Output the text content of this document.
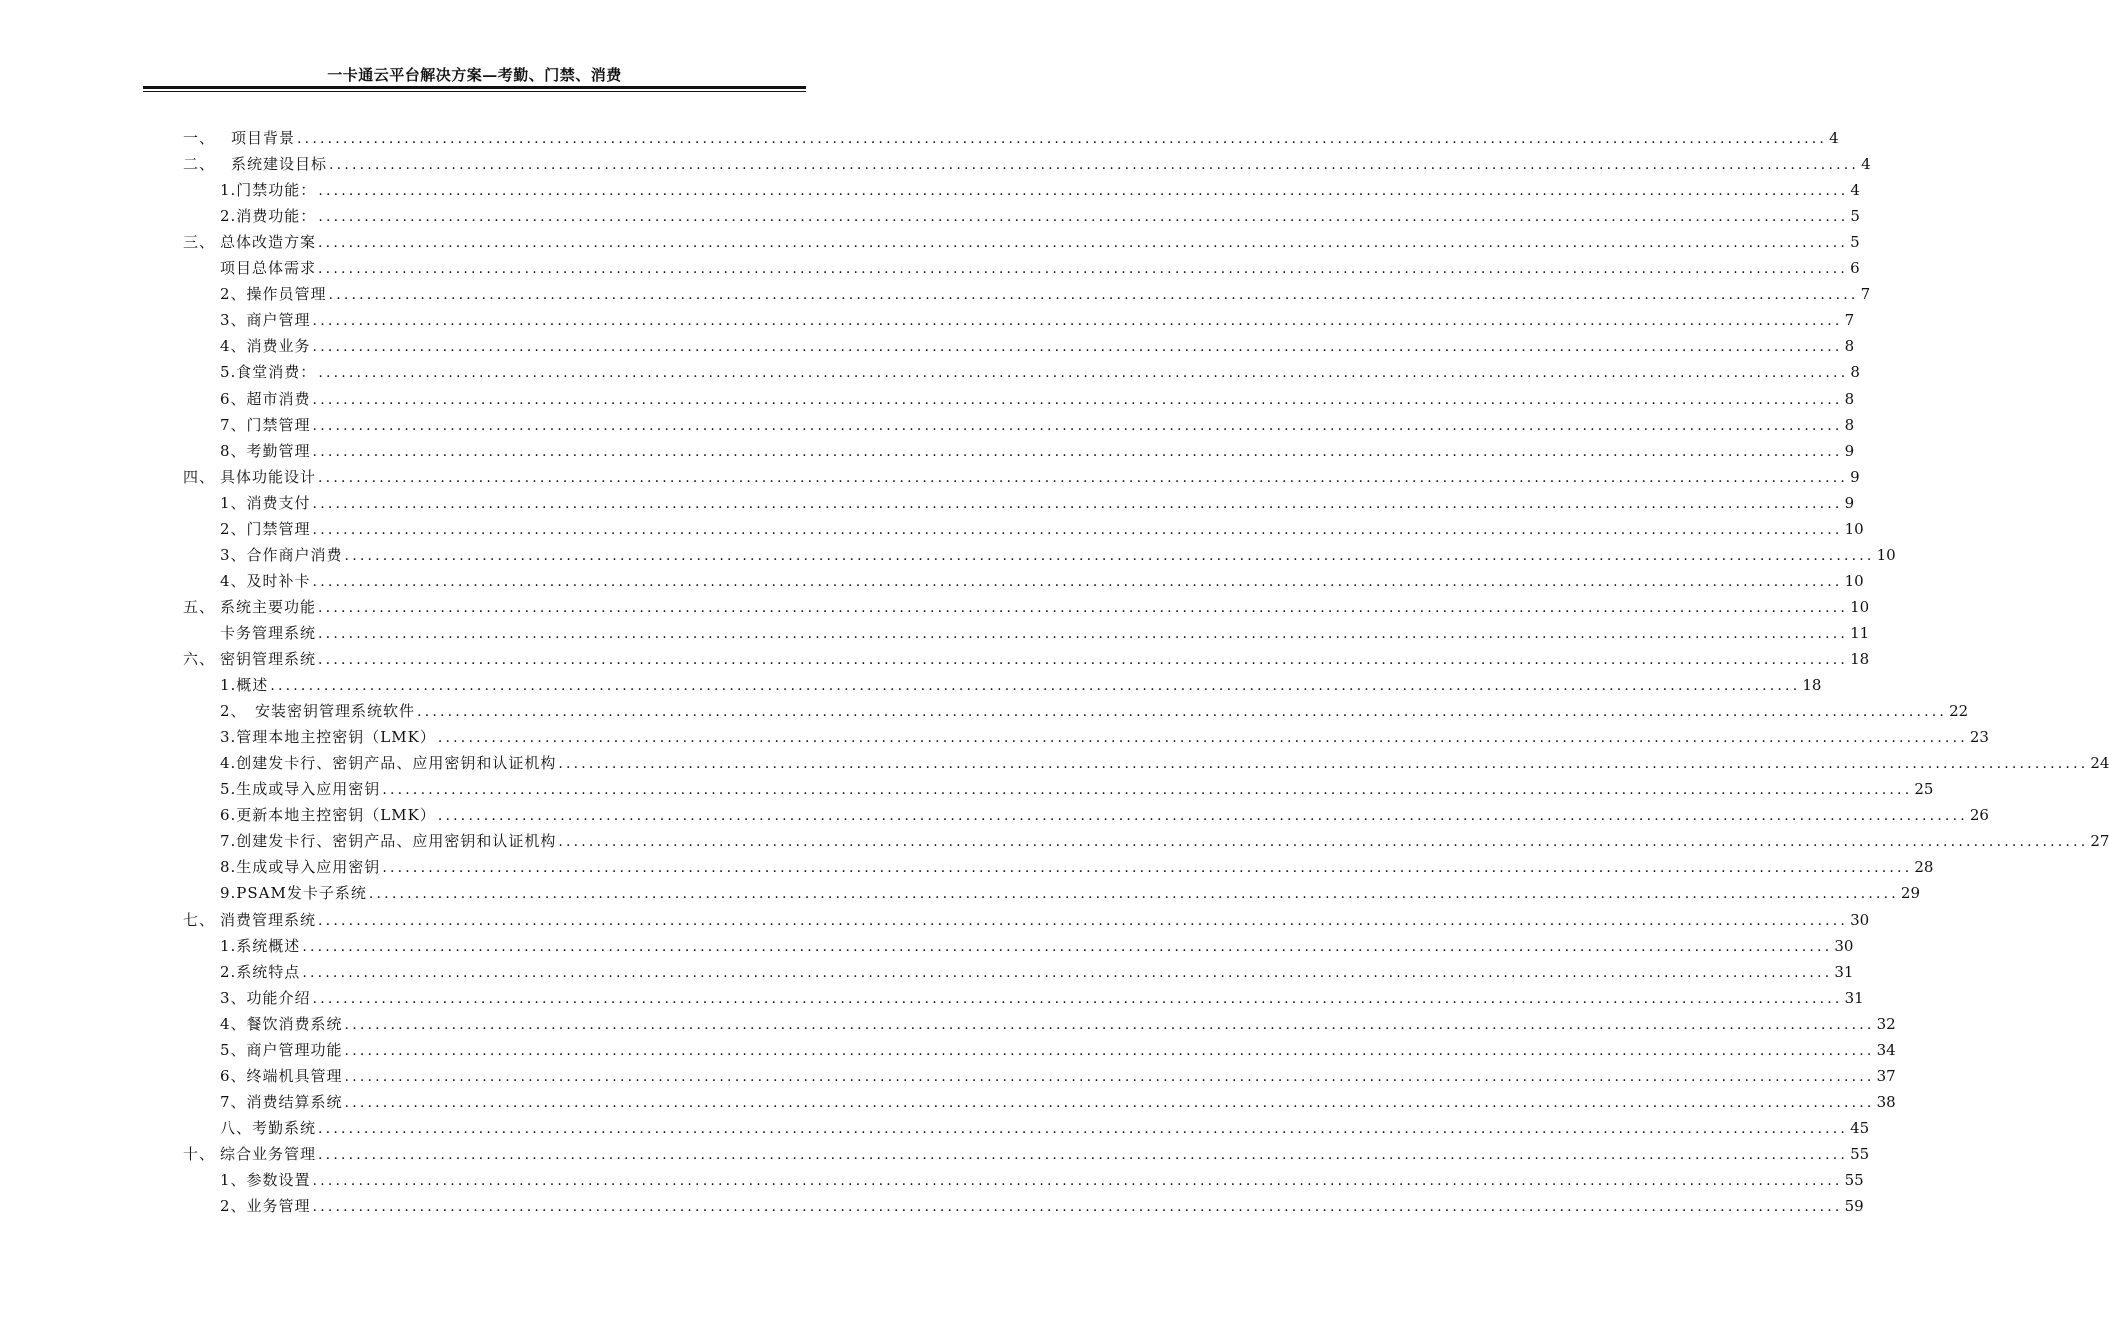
一卡通云平台解决方案—考勤、门禁、消费
一、	项目背景 ........................................................................................................................................................................................................ 4
二、	系统建设目标 ........................................................................................................................................................................................................ 4
1.门禁功能： ........................................................................................................................................................................................................ 4
2.消费功能： ........................................................................................................................................................................................................ 5
三、 总体改造方案 ........................................................................................................................................................................................................ 5
项目总体需求 ........................................................................................................................................................................................................ 6
2、操作员管理 ........................................................................................................................................................................................................ 7
3、商户管理 ........................................................................................................................................................................................................ 7
4、消费业务 ........................................................................................................................................................................................................ 8
5.食堂消费： ........................................................................................................................................................................................................ 8
6、超市消费 ........................................................................................................................................................................................................ 8
7、门禁管理 ........................................................................................................................................................................................................ 8
8、考勤管理 ........................................................................................................................................................................................................ 9
四、 具体功能设计 ........................................................................................................................................................................................................ 9
1、消费支付 ........................................................................................................................................................................................................ 9
2、门禁管理 ........................................................................................................................................................................................................ 10
3、合作商户消费 ........................................................................................................................................................................................................ 10
4、及时补卡 ........................................................................................................................................................................................................ 10
五、 系统主要功能 ........................................................................................................................................................................................................ 10
卡务管理系统 ........................................................................................................................................................................................................ 11
六、 密钥管理系统 ........................................................................................................................................................................................................ 18
1.概述 ........................................................................................................................................................................................................ 18
2、　安装密钥管理系统软件 ........................................................................................................................................................................................................ 22
3.管理本地主控密钥（LMK） ........................................................................................................................................................................................................ 23
4.创建发卡行、密钥产品、应用密钥和认证机构 ........................................................................................................................................................................................................ 24
5.生成或导入应用密钥 ........................................................................................................................................................................................................ 25
6.更新本地主控密钥（LMK） ........................................................................................................................................................................................................ 26
7.创建发卡行、密钥产品、应用密钥和认证机构 ........................................................................................................................................................................................................ 27
8.生成或导入应用密钥 ........................................................................................................................................................................................................ 28
9.PSAM发卡子系统 ........................................................................................................................................................................................................ 29
七、 消费管理系统 ........................................................................................................................................................................................................ 30
1.系统概述 ........................................................................................................................................................................................................ 30
2.系统特点 ........................................................................................................................................................................................................ 31
3、功能介绍 ........................................................................................................................................................................................................ 31
4、餐饮消费系统 ........................................................................................................................................................................................................ 32
5、商户管理功能 ........................................................................................................................................................................................................ 34
6、终端机具管理 ........................................................................................................................................................................................................ 37
7、消费结算系统 ........................................................................................................................................................................................................ 38
八、考勤系统 ........................................................................................................................................................................................................ 45
十、 综合业务管理 ........................................................................................................................................................................................................ 55
1、参数设置 ........................................................................................................................................................................................................ 55
2、业务管理 ........................................................................................................................................................................................................ 59
